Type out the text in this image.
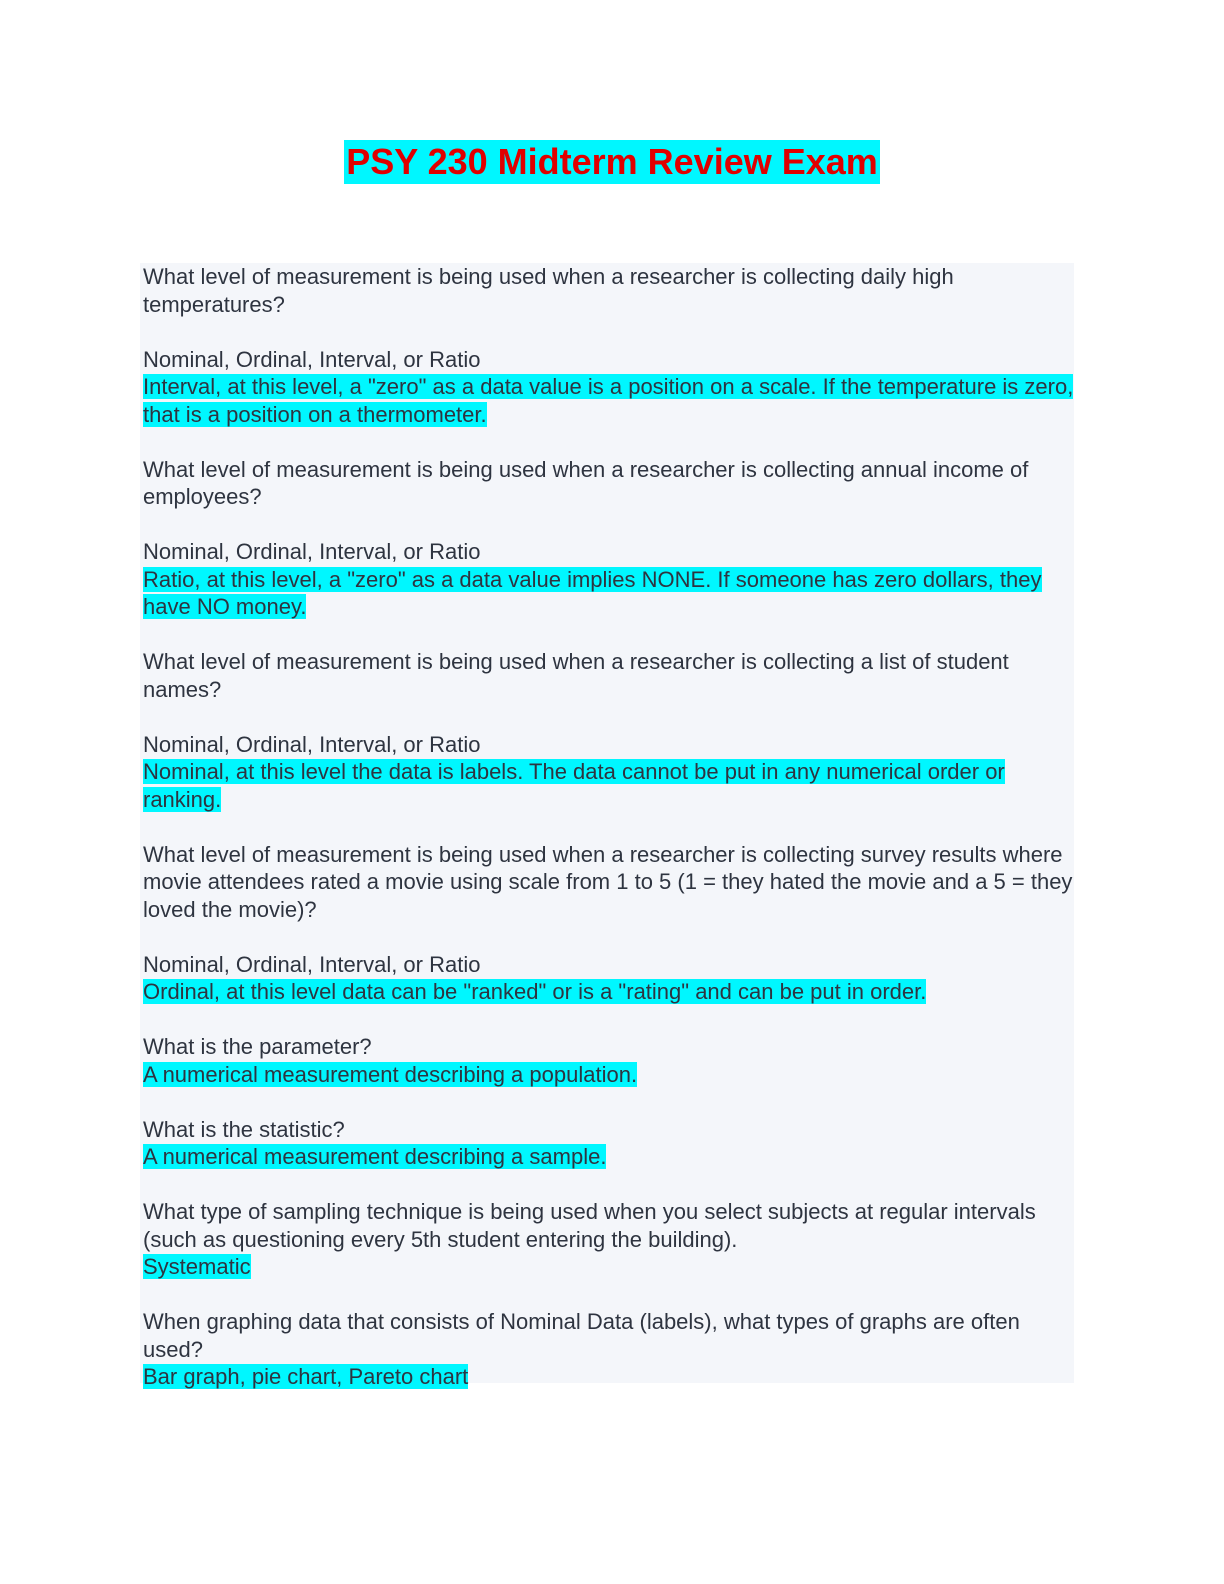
PSY 230 Midterm Review Exam

What level of measurement is being used when a researcher is collecting daily high temperatures?

Nominal, Ordinal, Interval, or Ratio

Interval, at this level, a "zero" as a data value is a position on a scale. If the temperature is zero, that is a position on a thermometer.

What level of measurement is being used when a researcher is collecting annual income of employees?

Nominal, Ordinal, Interval, or Ratio

Ratio, at this level, a "zero" as a data value implies NONE. If someone has zero dollars, they have NO money.

What level of measurement is being used when a researcher is collecting a list of student names?

Nominal, Ordinal, Interval, or Ratio

Nominal, at this level the data is labels. The data cannot be put in any numerical order or ranking.

What level of measurement is being used when a researcher is collecting survey results where movie attendees rated a movie using scale from 1 to 5 (1 = they hated the movie and a 5 = they loved the movie)?

Nominal, Ordinal, Interval, or Ratio

Ordinal, at this level data can be "ranked" or is a "rating" and can be put in order.

What is the parameter?

A numerical measurement describing a population.

What is the statistic?

A numerical measurement describing a sample.

What type of sampling technique is being used when you select subjects at regular intervals (such as questioning every 5th student entering the building).

Systematic

When graphing data that consists of Nominal Data (labels), what types of graphs are often used?

Bar graph, pie chart, Pareto chart
